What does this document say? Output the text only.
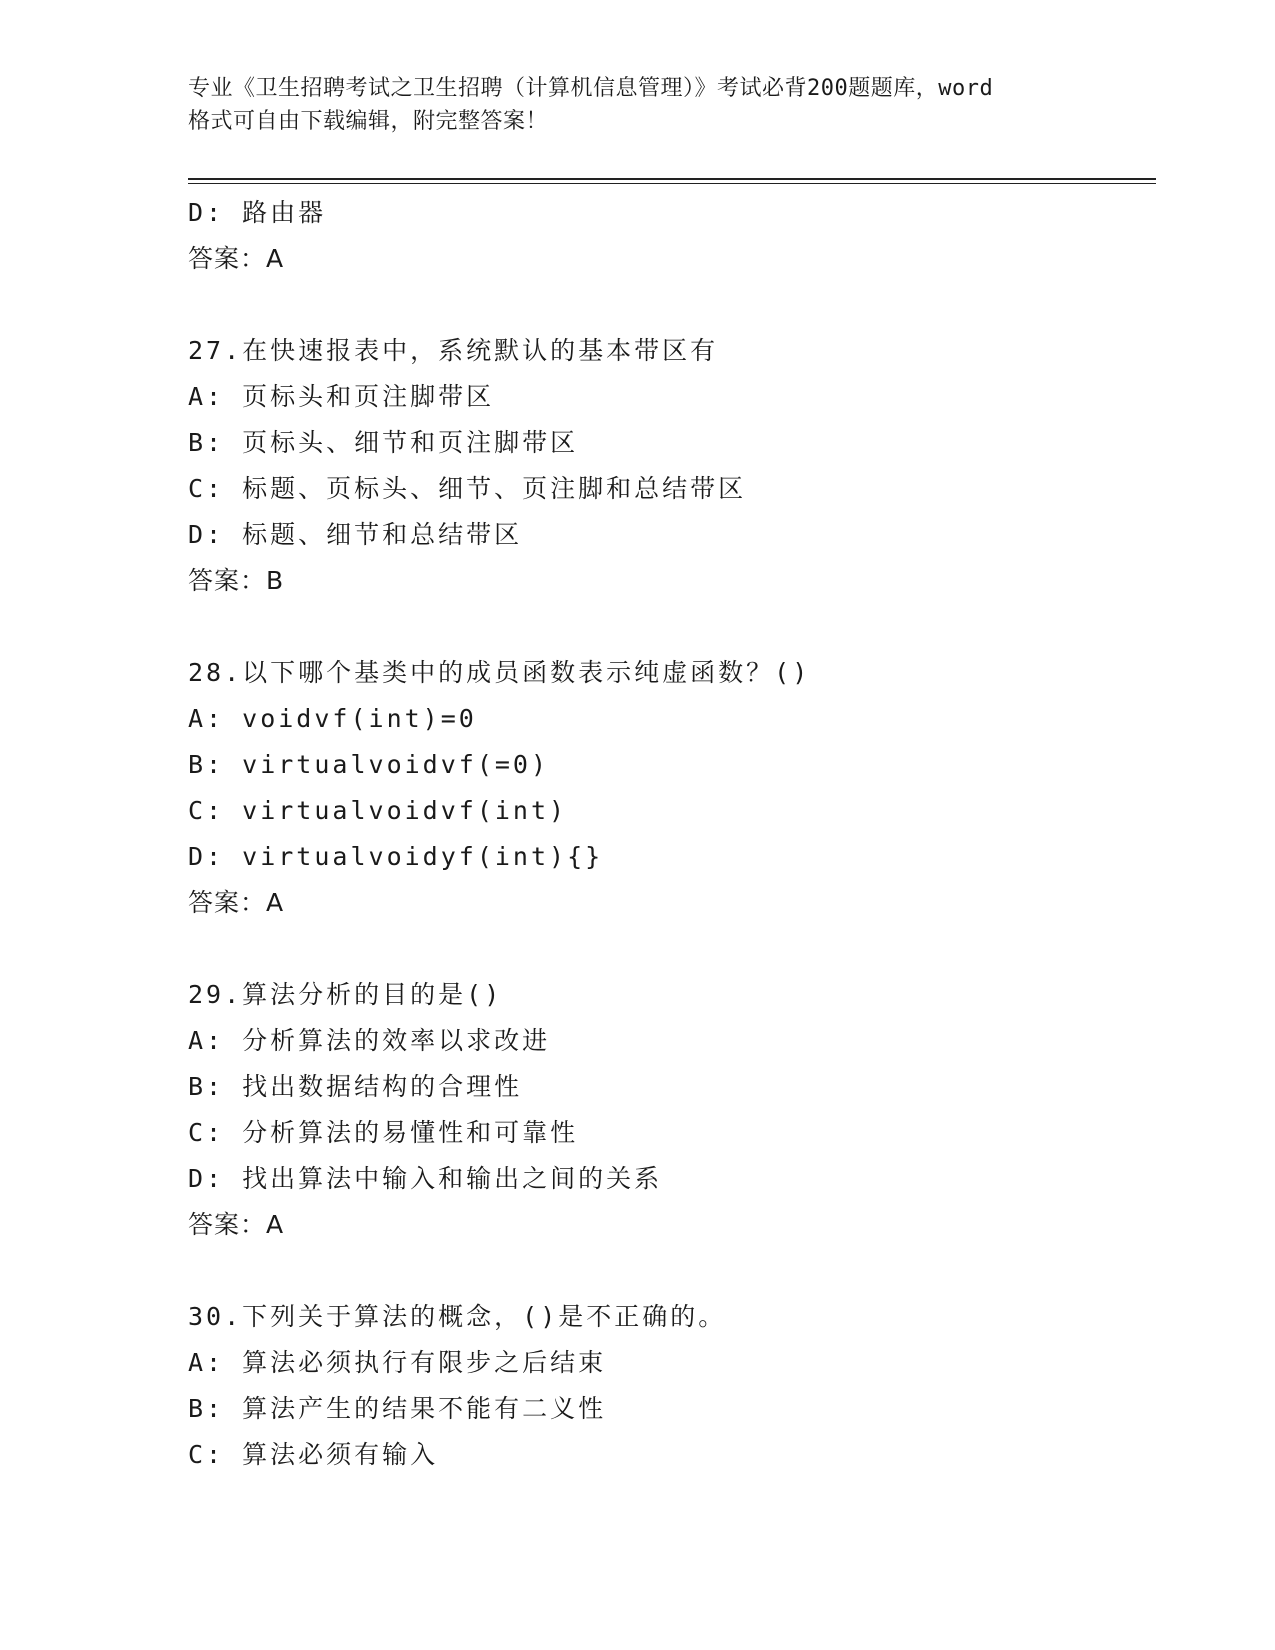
专业《卫生招聘考试之卫生招聘（计算机信息管理）》考试必背200题题库，word
格式可自由下载编辑，附完整答案！
D: 路由器
答案：A
27.在快速报表中，系统默认的基本带区有
A: 页标头和页注脚带区
B: 页标头、细节和页注脚带区
C: 标题、页标头、细节、页注脚和总结带区
D: 标题、细节和总结带区
答案：B
28.以下哪个基类中的成员函数表示纯虚函数？()
A: voidvf(int)=0
B: virtualvoidvf(=0)
C: virtualvoidvf(int)
D: virtualvoidyf(int){}
答案：A
29.算法分析的目的是()
A: 分析算法的效率以求改进
B: 找出数据结构的合理性
C: 分析算法的易懂性和可靠性
D: 找出算法中输入和输出之间的关系
答案：A
30.下列关于算法的概念，()是不正确的。
A: 算法必须执行有限步之后结束
B: 算法产生的结果不能有二义性
C: 算法必须有输入
